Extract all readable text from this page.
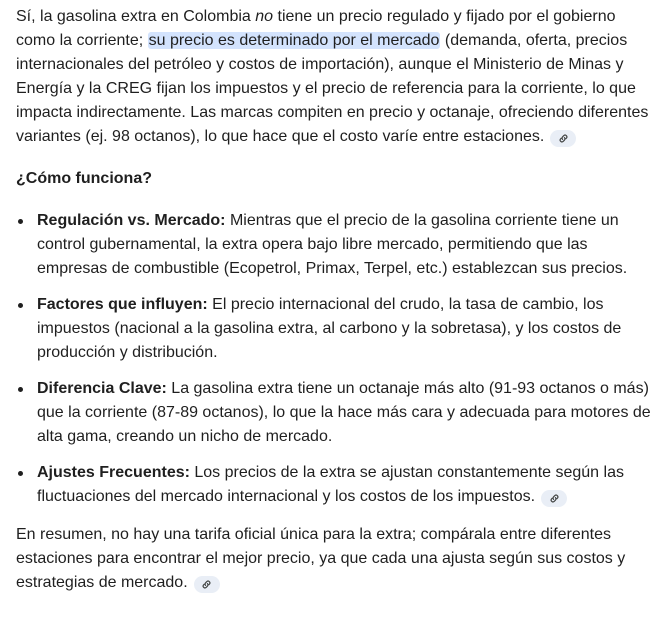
Sí, la gasolina extra en Colombia no tiene un precio regulado y fijado por el gobierno como la corriente; su precio es determinado por el mercado (demanda, oferta, precios internacionales del petróleo y costos de importación), aunque el Ministerio de Minas y Energía y la CREG fijan los impuestos y el precio de referencia para la corriente, lo que impacta indirectamente. Las marcas compiten en precio y octanaje, ofreciendo diferentes variantes (ej. 98 octanos), lo que hace que el costo varíe entre estaciones.

¿Cómo funciona?

Regulación vs. Mercado: Mientras que el precio de la gasolina corriente tiene un control gubernamental, la extra opera bajo libre mercado, permitiendo que las empresas de combustible (Ecopetrol, Primax, Terpel, etc.) establezcan sus precios.
Factores que influyen: El precio internacional del crudo, la tasa de cambio, los impuestos (nacional a la gasolina extra, al carbono y la sobretasa), y los costos de producción y distribución.
Diferencia Clave: La gasolina extra tiene un octanaje más alto (91-93 octanos o más) que la corriente (87-89 octanos), lo que la hace más cara y adecuada para motores de alta gama, creando un nicho de mercado.
Ajustes Frecuentes: Los precios de la extra se ajustan constantemente según las fluctuaciones del mercado internacional y los costos de los impuestos.

En resumen, no hay una tarifa oficial única para la extra; compárala entre diferentes estaciones para encontrar el mejor precio, ya que cada una ajusta según sus costos y estrategias de mercado.
